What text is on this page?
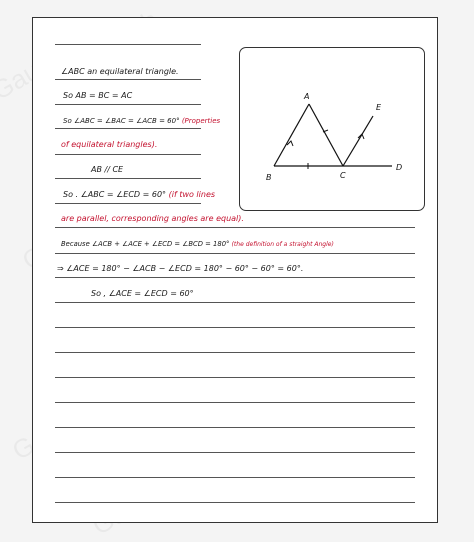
∠ABC an equilateral triangle.
So AB = BC = AC
So ∠ABC = ∠BAC = ∠ACB = 60° (Properties
of equilateral triangles).
AB // CE
So . ∠ABC = ∠ECD = 60° (if two lines
are parallel, corresponding angles are equal).
Because ∠ACB + ∠ACE + ∠ECD = ∠BCD = 180° (the definition of a straight Angle)
⇒ ∠ACE = 180° − ∠ACB − ∠ECD = 180° − 60° − 60° = 60°.
So , ∠ACE = ∠ECD = 60°
A
B	C
D
E
